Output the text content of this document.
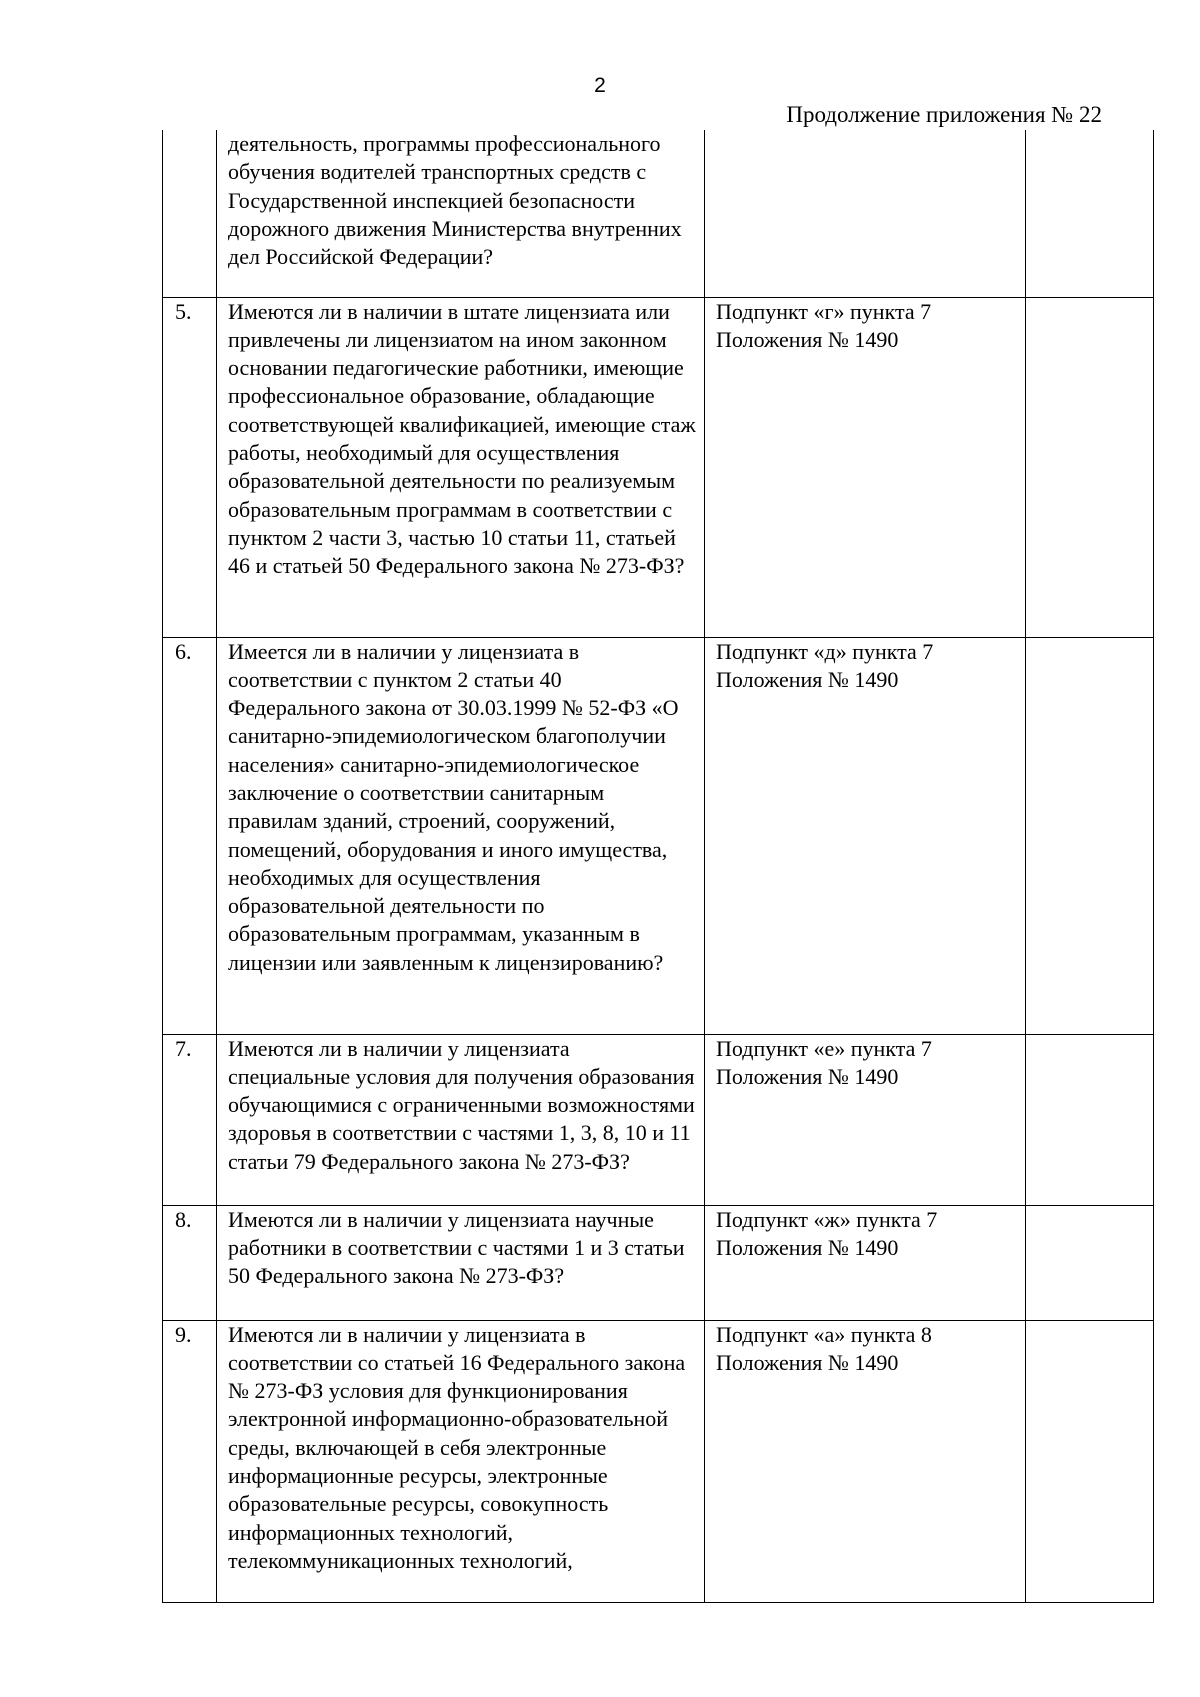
2
Продолжение приложения № 22
	деятельность, программы профессионального обучения водителей транспортных средств с Государственной инспекцией безопасности дорожного движения Министерства внутренних дел Российской Федерации?		
5.	Имеются ли в наличии в штате лицензиата или привлечены ли лицензиатом на ином законном основании педагогические работники, имеющие профессиональное образование, обладающие соответствующей квалификацией, имеющие стаж работы, необходимый для осуществления образовательной деятельности по реализуемым образовательным программам в соответствии с пунктом 2 части 3, частью 10 статьи 11, статьей 46 и статьей 50 Федерального закона № 273-ФЗ?	Подпункт «г» пункта 7 Положения № 1490	
6.	Имеется ли в наличии у лицензиата в соответствии с пунктом 2 статьи 40 Федерального закона от 30.03.1999 № 52-ФЗ «О санитарно-эпидемиологическом благополучии населения» санитарно-эпидемиологическое заключение о соответствии санитарным правилам зданий, строений, сооружений, помещений, оборудования и иного имущества, необходимых для осуществления образовательной деятельности по образовательным программам, указанным в лицензии или заявленным к лицензированию?	Подпункт «д» пункта 7 Положения № 1490	
7.	Имеются ли в наличии у лицензиата специальные условия для получения образования обучающимися с ограниченными возможностями здоровья в соответствии с частями 1, 3, 8, 10 и 11 статьи 79 Федерального закона № 273-ФЗ?	Подпункт «е» пункта 7 Положения № 1490	
8.	Имеются ли в наличии у лицензиата научные работники в соответствии с частями 1 и 3 статьи 50 Федерального закона № 273-ФЗ?	Подпункт «ж» пункта 7 Положения № 1490	
9.	Имеются ли в наличии у лицензиата в соответствии со статьей 16 Федерального закона № 273-ФЗ условия для функционирования электронной информационно-образовательной среды, включающей в себя электронные информационные ресурсы, электронные образовательные ресурсы, совокупность информационных технологий, телекоммуникационных технологий,	Подпункт «а» пункта 8 Положения № 1490	
